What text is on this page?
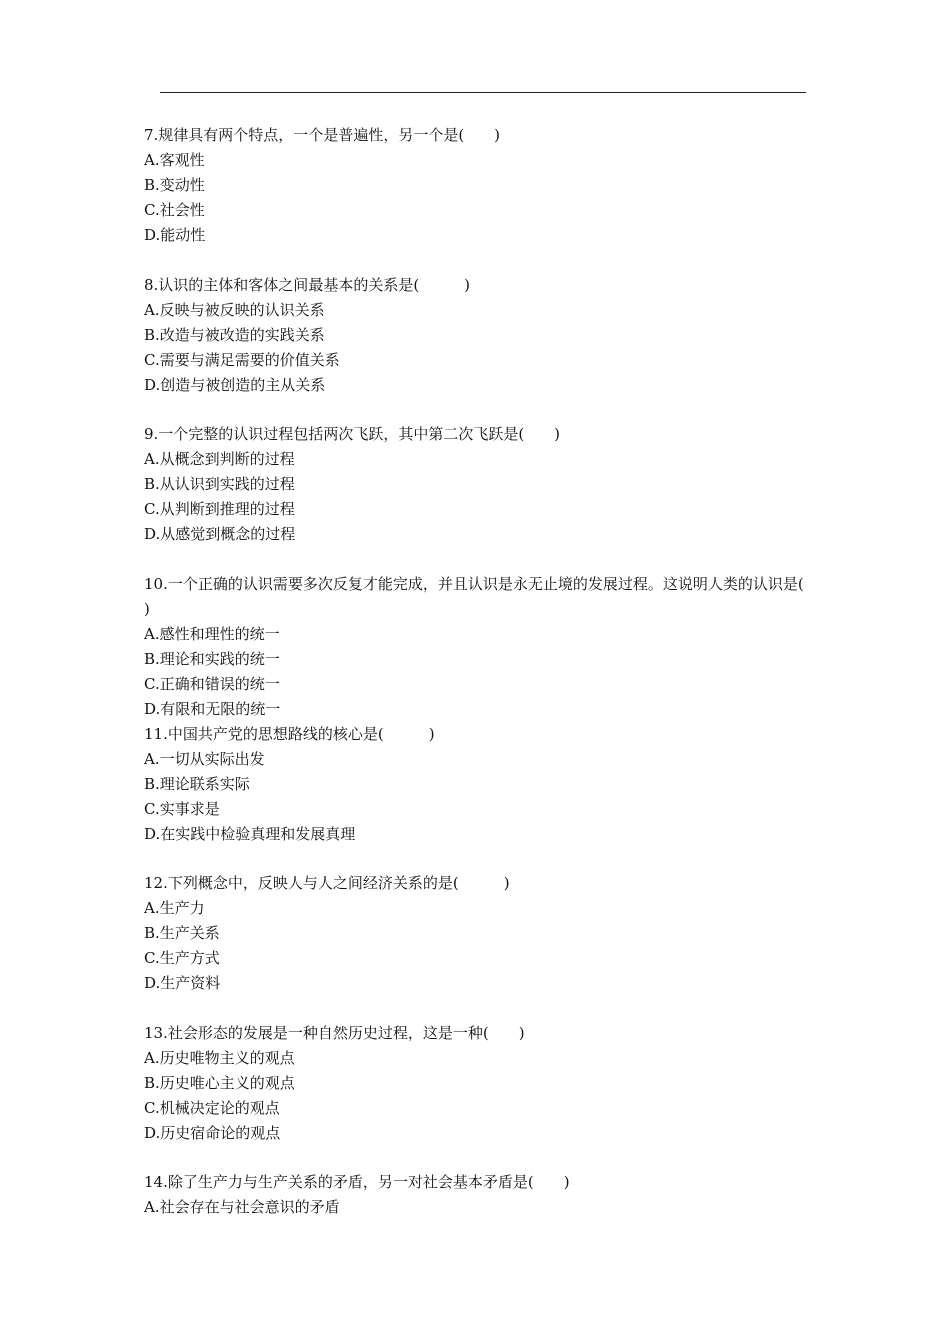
7.规律具有两个特点，一个是普遍性，另一个是(　　)
A.客观性
B.变动性
C.社会性
D.能动性
8.认识的主体和客体之间最基本的关系是(　　　)
A.反映与被反映的认识关系
B.改造与被改造的实践关系
C.需要与满足需要的价值关系
D.创造与被创造的主从关系
9.一个完整的认识过程包括两次飞跃，其中第二次飞跃是(　　)
A.从概念到判断的过程
B.从认识到实践的过程
C.从判断到推理的过程
D.从感觉到概念的过程
10.一个正确的认识需要多次反复才能完成，并且认识是永无止境的发展过程。这说明人类的认识是(　　)
A.感性和理性的统一
B.理论和实践的统一
C.正确和错误的统一
D.有限和无限的统一
11.中国共产党的思想路线的核心是(　　　)
A.一切从实际出发
B.理论联系实际
C.实事求是
D.在实践中检验真理和发展真理
12.下列概念中，反映人与人之间经济关系的是(　　　)
A.生产力
B.生产关系
C.生产方式
D.生产资料
13.社会形态的发展是一种自然历史过程，这是一种(　　)
A.历史唯物主义的观点
B.历史唯心主义的观点
C.机械决定论的观点
D.历史宿命论的观点
14.除了生产力与生产关系的矛盾，另一对社会基本矛盾是(　　)
A.社会存在与社会意识的矛盾
